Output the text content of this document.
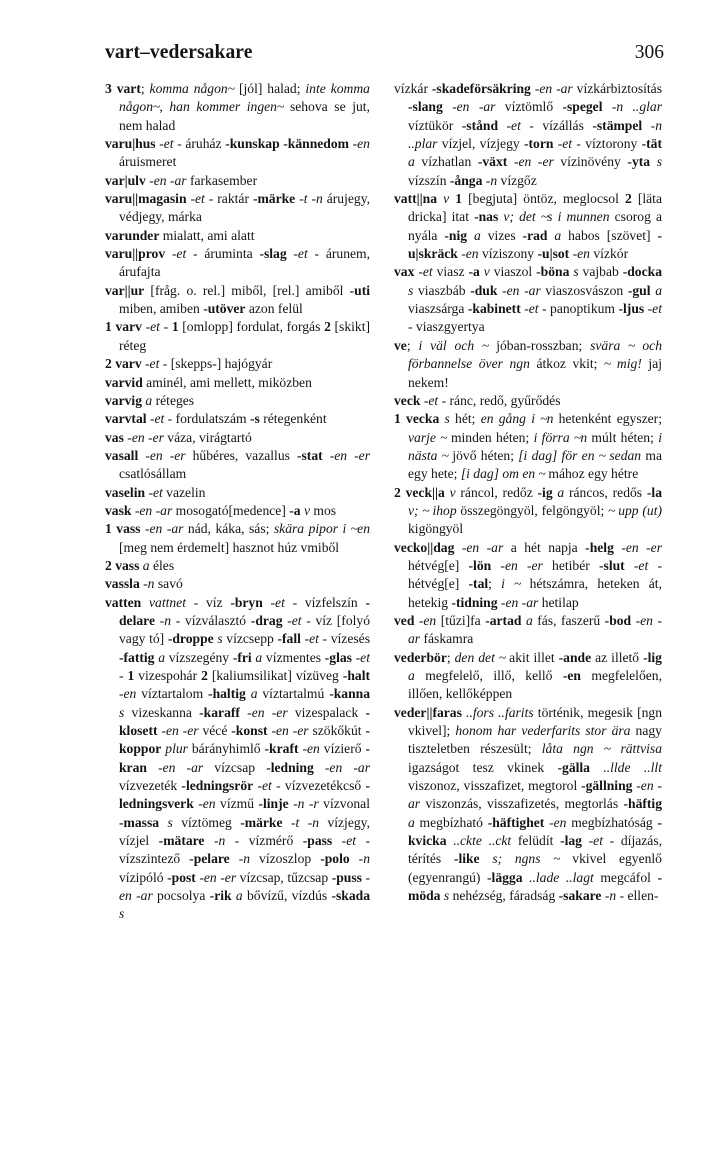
vart–vedersakare	306
3 vart; komma någon~ [jól] halad; inte komma någon~, han kommer ingen~ sehova se jut, nem halad
varu|hus -et - áruház -kunskap -kännedom -en áruismeret
var|ulv -en -ar farkasember
varu||magasin -et - raktár -märke -t -n árujegy, védjegy, márka
varunder mialatt, ami alatt
varu||prov -et - áruminta -slag -et - árunem, árufajta
var||ur [fråg. o. rel.] miből, [rel.] amiből -uti miben, amiben -utöver azon felül
1 varv -et - 1 [omlopp] fordulat, forgás 2 [skikt] réteg
2 varv -et - [skepps-] hajógyár
varvid aminél, ami mellett, miközben
varvig a réteges
varvtal -et - fordulatszám -s rétegenként
vas -en -er váza, virágtartó
vasall -en -er hűbéres, vazallus -stat -en -er csatlósállam
vaselin -et vazelin
vask -en -ar mosogató[medence] -a v mos
1 vass -en -ar nád, káka, sás; skära pipor i ~en [meg nem érdemelt] hasznot húz vmiből
2 vass a éles
vassla -n savó
vatten vattnet - víz -bryn -et - vízfelszín -delare -n - vízválasztó -drag -et - víz [folyó vagy tó] -droppe s vízcsepp -fall -et - vízesés -fattig a vízszegény -fri a vízmentes -glas -et - 1 vizespohár 2 [kaliumsilikat] vízüveg -halt -en víztartalom -haltig a víztartalmú -kanna s vizeskanna -karaff -en -er vizespalack -klosett -en -er vécé -konst -en -er szökőkút -koppor plur bárányhimlő -kraft -en vízierő -kran -en -ar vízcsap -ledning -en -ar vízvezeték -ledningsrör -et - vízvezetékcső -ledningsverk -en vízmű -linje -n -r vízvonal -massa s víztömeg -märke -t -n vízjegy, vízjel -mätare -n - vízmérő -pass -et - vízszintező -pelare -n vízoszlop -polo -n vízipóló -post -en -er vízcsap, tűzcsap -puss -en -ar pocsolya -rik a bővízű, vízdús -skada s
vízkár -skadeförsäkring -en -ar vízkárbiztosítás -slang -en -ar víztömlő -spegel -n ..glar víztükör -stånd -et - vízállás -stämpel -n ..plar vízjel, vízjegy -torn -et - víztorony -tät a vízhatlan -växt -en -er vízinövény -yta s vízszín -ånga -n vízgőz
vatt||na v 1 [begjuta] öntöz, meglocsol 2 [läta dricka] itat -nas v; det ~s i munnen csorog a nyála -nig a vizes -rad a habos [szövet] -u|skräck -en víziszony -u|sot -en vízkór
vax -et viasz -a v viaszol -böna s vajbab -docka s viaszbáb -duk -en -ar viaszosvászon -gul a viaszsárga -kabinett -et - panoptikum -ljus -et - viaszgyertya
ve; i väl och ~ jóban-rosszban; svära ~ och förbannelse över ngn átkoz vkit; ~ mig! jaj nekem!
veck -et - ránc, redő, gyűrődés
1 vecka s hét; en gång i ~n hetenként egyszer; varje ~ minden héten; i förra ~n múlt héten; i nästa ~ jövő héten; [i dag] för en ~ sedan ma egy hete; [i dag] om en ~ mához egy hétre
2 veck||a v ráncol, redőz -ig a ráncos, redős -la v; ~ ihop összegöngyöl, felgöngyöl; ~ upp (ut) kigöngyöl
vecko||dag -en -ar a hét napja -helg -en -er hétvég[e] -lön -en -er hetibér -slut -et - hétvég[e] -tal; i ~ hétszámra, heteken át, hetekig -tidning -en -ar hetilap
ved -en [tűzi]fa -artad a fás, faszerű -bod -en -ar fáskamra
vederbör; den det ~ akit illet -ande az illető -lig a megfelelő, illő, kellő -en megfelelően, illően, kellőképpen
veder||faras ..fors ..farits történik, megesik [ngn vkivel]; honom har vederfarits stor ära nagy tiszteletben részesült; låta ngn ~ rättvisa igazságot tesz vkinek -gälla ..llde ..llt viszonoz, visszafizet, megtorol -gällning -en -ar viszonzás, visszafizetés, megtorlás -häftig a megbízható -häftighet -en megbízhatóság -kvicka ..ckte ..ckt felüdít -lag -et - díjazás, térítés -like s; ngns ~ vkivel egyenlő (egyenrangú) -lägga ..lade ..lagt megcáfol -möda s nehézség, fáradság -sakare -n - ellen-
